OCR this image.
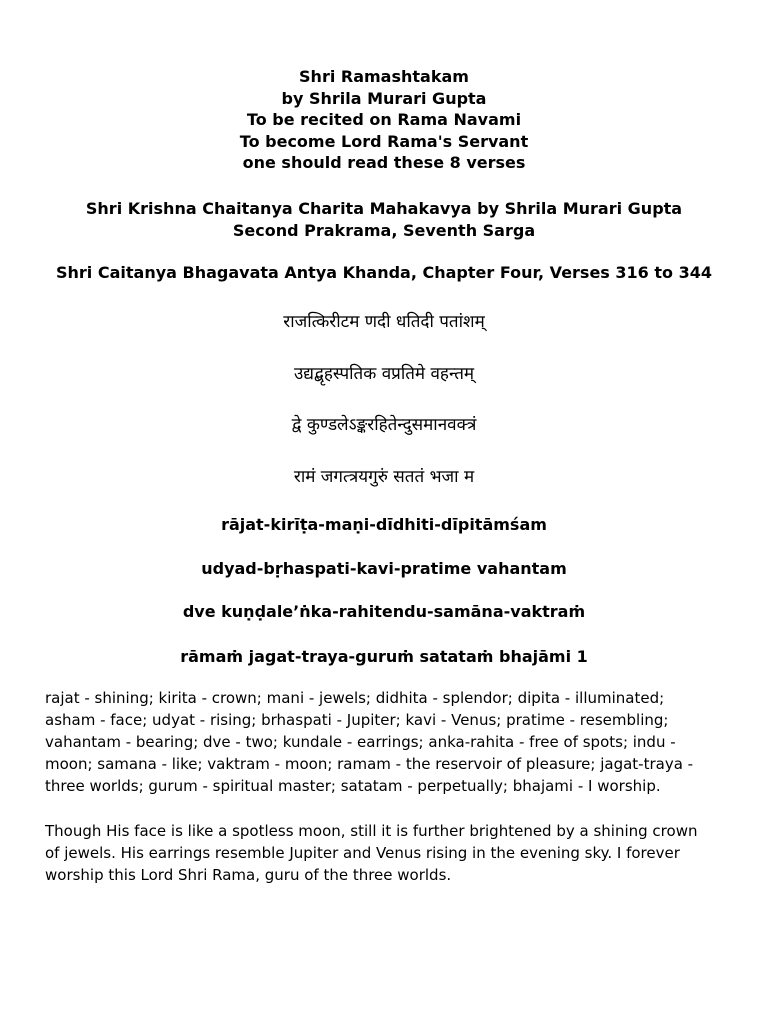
Shri Ramashtakam
by Shrila Murari Gupta
To be recited on Rama Navami
To become Lord Rama's Servant
one should read these 8 verses
Shri Krishna Chaitanya Charita Mahakavya by Shrila Murari Gupta
Second Prakrama, Seventh Sarga
Shri Caitanya Bhagavata Antya Khanda, Chapter Four, Verses 316 to 344
राजत्किरीटम णदी धतिदी पतांशम्
उद्यद्बृहस्पतिक वप्रतिमे वहन्तम्
द्वे कुण्डलेऽङ्करहितेन्दुसमानवक्त्रं
रामं जगत्त्रयगुरुं सततं भजा म
rājat-kirīṭa-maṇi-dīdhiti-dīpitāmśam
udyad-bṛhaspati-kavi-pratime vahantam
dve kuṇḍale’ṅka-rahitendu-samāna-vaktraṁ
rāmaṁ jagat-traya-guruṁ satataṁ bhajāmi 1
rajat - shining; kirita - crown; mani - jewels; didhita - splendor; dipita - illuminated;
asham - face; udyat - rising; brhaspati - Jupiter; kavi - Venus; pratime - resembling;
vahantam - bearing; dve - two; kundale - earrings; anka-rahita - free of spots; indu -
moon; samana - like; vaktram - moon; ramam - the reservoir of pleasure; jagat-traya -
three worlds; gurum - spiritual master; satatam - perpetually; bhajami - I worship.
Though His face is like a spotless moon, still it is further brightened by a shining crown
of jewels. His earrings resemble Jupiter and Venus rising in the evening sky. I forever
worship this Lord Shri Rama, guru of the three worlds.
